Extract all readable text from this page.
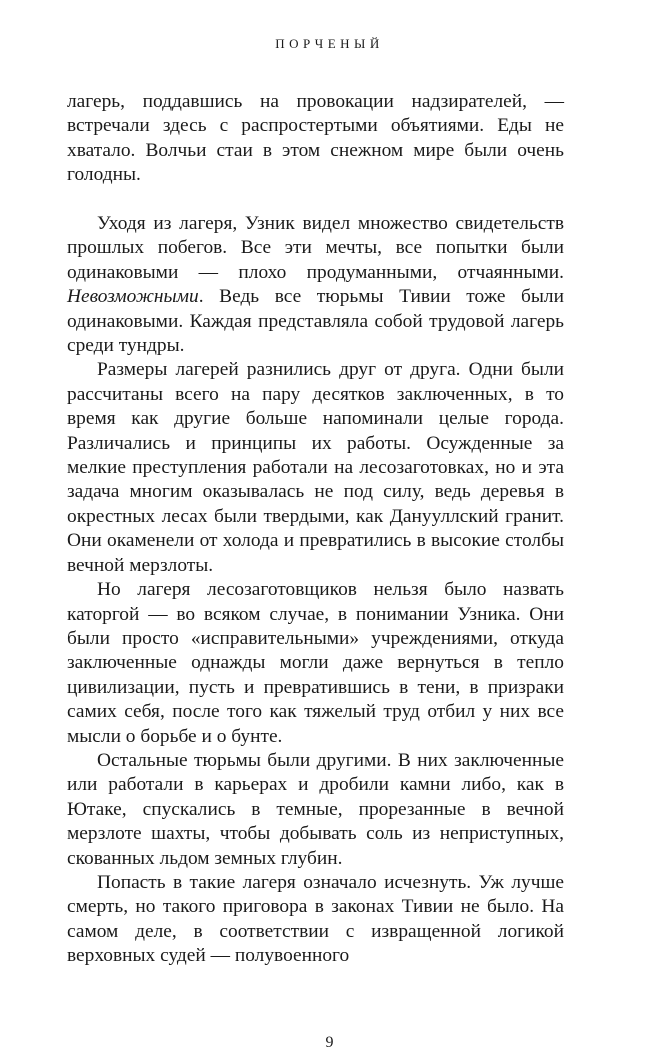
ПОРЧЕНЫЙ

лагерь, поддавшись на провокации надзирателей, — встречали здесь с распростертыми объятиями. Еды не хватало. Волчьи стаи в этом снежном мире были очень голодны.

Уходя из лагеря, Узник видел множество свидетельств прошлых побегов. Все эти мечты, все попытки были одинаковыми — плохо продуманными, отчаянными. Невозможными. Ведь все тюрьмы Тивии тоже были одинаковыми. Каждая представляла собой трудовой лагерь среди тундры.

Размеры лагерей разнились друг от друга. Одни были рассчитаны всего на пару десятков заключенных, в то время как другие больше напоминали целые города. Различались и принципы их работы. Осужденные за мелкие преступления работали на лесозаготовках, но и эта задача многим оказывалась не под силу, ведь деревья в окрестных лесах были твердыми, как Данууллский гранит. Они окаменели от холода и превратились в высокие столбы вечной мерзлоты.

Но лагеря лесозаготовщиков нельзя было назвать каторгой — во всяком случае, в понимании Узника. Они были просто «исправительными» учреждениями, откуда заключенные однажды могли даже вернуться в тепло цивилизации, пусть и превратившись в тени, в призраки самих себя, после того как тяжелый труд отбил у них все мысли о борьбе и о бунте.

Остальные тюрьмы были другими. В них заключенные или работали в карьерах и дробили камни либо, как в Ютаке, спускались в темные, прорезанные в вечной мерзлоте шахты, чтобы добывать соль из неприступных, скованных льдом земных глубин.

Попасть в такие лагеря означало исчезнуть. Уж лучше смерть, но такого приговора в законах Тивии не было. На самом деле, в соответствии с извращенной логикой верховных судей — полувоенного

9
